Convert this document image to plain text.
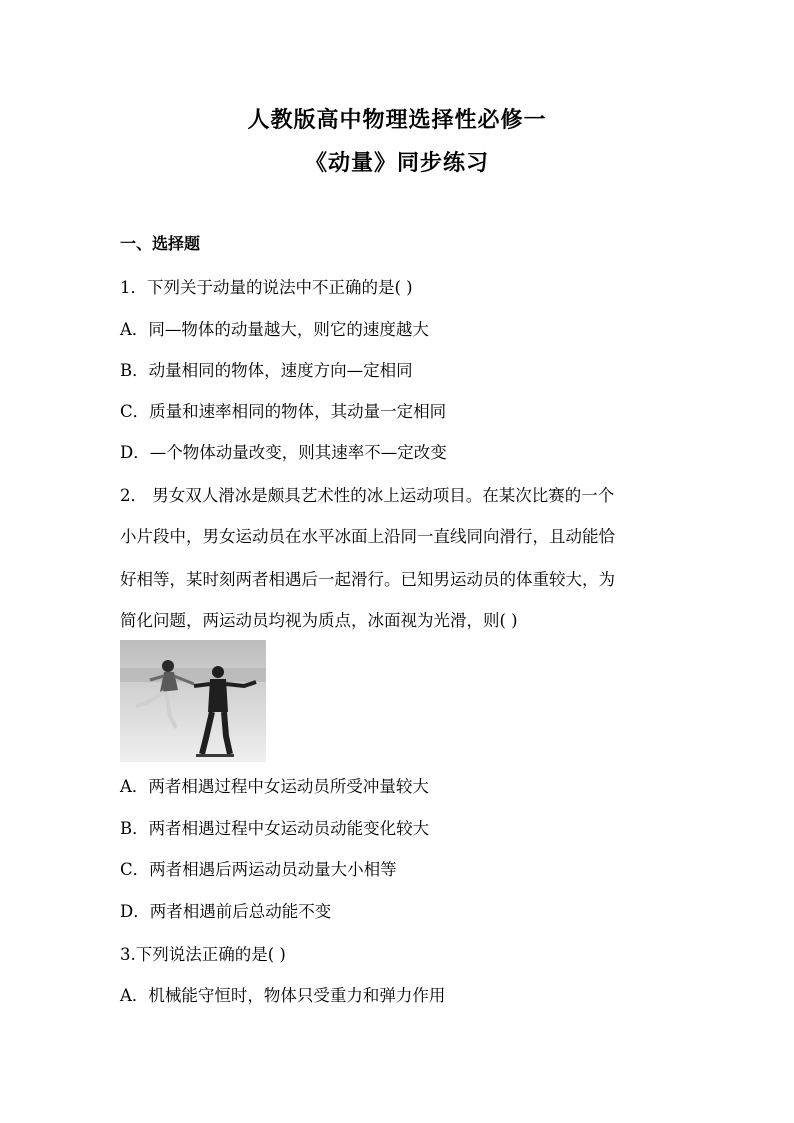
人教版高中物理选择性必修一
《动量》同步练习
一、选择题
1．下列关于动量的说法中不正确的是( )
A．同—物体的动量越大，则它的速度越大
B．动量相同的物体，速度方向—定相同
C．质量和速率相同的物体，其动量一定相同
D．—个物体动量改变，则其速率不—定改变
2． 男女双人滑冰是颇具艺术性的冰上运动项目。在某次比赛的一个
小片段中，男女运动员在水平冰面上沿同一直线同向滑行，且动能恰
好相等，某时刻两者相遇后一起滑行。已知男运动员的体重较大，为
简化问题，两运动员均视为质点，冰面视为光滑，则( )
A．两者相遇过程中女运动员所受冲量较大
B．两者相遇过程中女运动员动能变化较大
C．两者相遇后两运动员动量大小相等
D．两者相遇前后总动能不变
3.下列说法正确的是( )
A．机械能守恒时，物体只受重力和弹力作用
